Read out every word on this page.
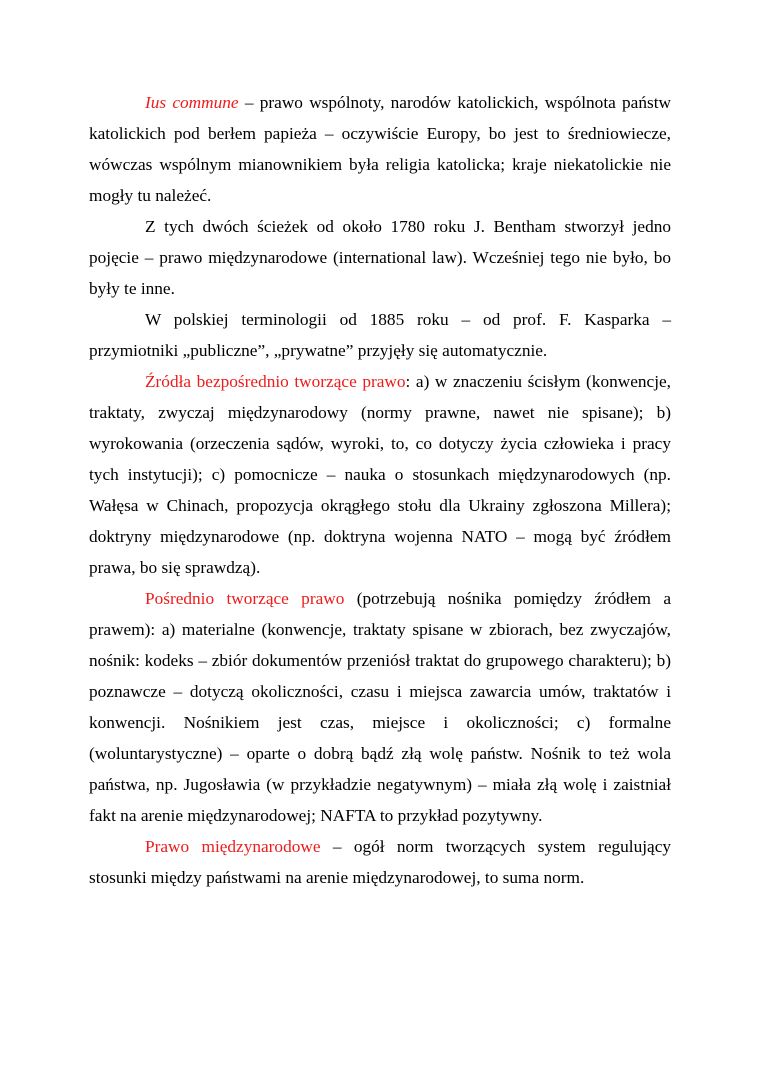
Ius commune – prawo wspólnoty, narodów katolickich, wspólnota państw katolickich pod berłem papieża – oczywiście Europy, bo jest to średniowiecze, wówczas wspólnym mianownikiem była religia katolicka; kraje niekatolickie nie mogły tu należeć.

Z tych dwóch ścieżek od około 1780 roku J. Bentham stworzył jedno pojęcie – prawo międzynarodowe (international law). Wcześniej tego nie było, bo były te inne.

W polskiej terminologii od 1885 roku – od prof. F. Kasparka – przymiotniki „publiczne”, „prywatne” przyjęły się automatycznie.

Źródła bezpośrednio tworzące prawo: a) w znaczeniu ścisłym (konwencje, traktaty, zwyczaj międzynarodowy (normy prawne, nawet nie spisane); b) wyrokowania (orzeczenia sądów, wyroki, to, co dotyczy życia człowieka i pracy tych instytucji); c) pomocnicze – nauka o stosunkach międzynarodowych (np. Wałęsa w Chinach, propozycja okrągłego stołu dla Ukrainy zgłoszona Millera); doktryny międzynarodowe (np. doktryna wojenna NATO – mogą być źródłem prawa, bo się sprawdzą).

Pośrednio tworzące prawo (potrzebują nośnika pomiędzy źródłem a prawem): a) materialne (konwencje, traktaty spisane w zbiorach, bez zwyczajów, nośnik: kodeks – zbiór dokumentów przeniósł traktat do grupowego charakteru); b) poznawcze – dotyczą okoliczności, czasu i miejsca zawarcia umów, traktatów i konwencji. Nośnikiem jest czas, miejsce i okoliczności; c) formalne (woluntarystyczne) – oparte o dobrą bądź złą wolę państw. Nośnik to też wola państwa, np. Jugosławia (w przykładzie negatywnym) – miała złą wolę i zaistniał fakt na arenie międzynarodowej; NAFTA to przykład pozytywny.

Prawo międzynarodowe – ogół norm tworzących system regulujący stosunki między państwami na arenie międzynarodowej, to suma norm.
